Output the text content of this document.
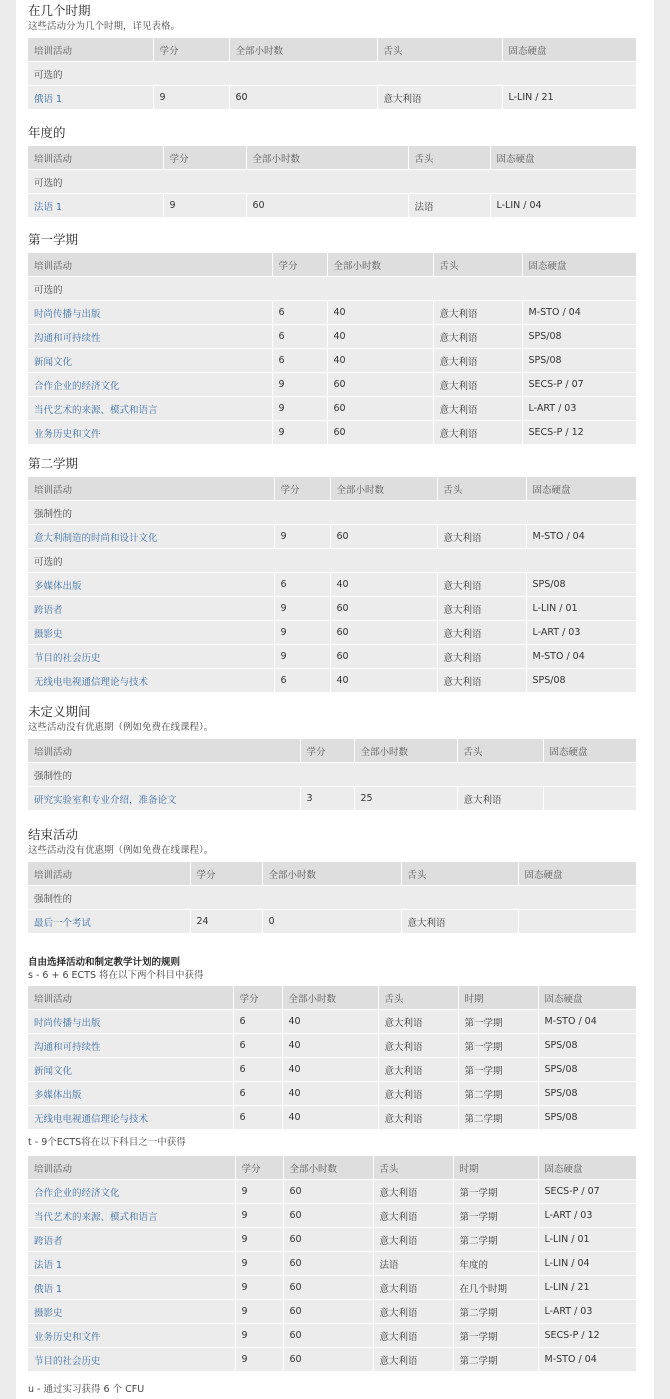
在几个时期
这些活动分为几个时期，详见表格。
培训活动	学分	全部小时数	舌头	固态硬盘
可选的				
俄语 1	9	60	意大利语	L-LIN / 21
年度的
培训活动	学分	全部小时数	舌头	固态硬盘
可选的				
法语 1	9	60	法语	L-LIN / 04
第一学期
培训活动	学分	全部小时数	舌头	固态硬盘
可选的				
时尚传播与出版	6	40	意大利语	M-STO / 04
沟通和可持续性	6	40	意大利语	SPS/08
新闻文化	6	40	意大利语	SPS/08
合作企业的经济文化	9	60	意大利语	SECS-P / 07
当代艺术的来源、模式和语言	9	60	意大利语	L-ART / 03
业务历史和文件	9	60	意大利语	SECS-P / 12
第二学期
培训活动	学分	全部小时数	舌头	固态硬盘
强制性的				
意大利制造的时尚和设计文化	9	60	意大利语	M-STO / 04
可选的				
多媒体出版	6	40	意大利语	SPS/08
跨语者	9	60	意大利语	L-LIN / 01
摄影史	9	60	意大利语	L-ART / 03
节目的社会历史	9	60	意大利语	M-STO / 04
无线电电视通信理论与技术	6	40	意大利语	SPS/08
未定义期间
这些活动没有优惠期（例如免费在线课程）。
培训活动	学分	全部小时数	舌头	固态硬盘
强制性的				
研究实验室和专业介绍，准备论文	3	25	意大利语	
结束活动
这些活动没有优惠期（例如免费在线课程）。
培训活动	学分	全部小时数	舌头	固态硬盘
强制性的				
最后一个考试	24	0	意大利语	
自由选择活动和制定教学计划的规则
s - 6 + 6 ECTS 将在以下两个科目中获得
培训活动	学分	全部小时数	舌头	时期	固态硬盘
时尚传播与出版	6	40	意大利语	第一学期	M-STO / 04
沟通和可持续性	6	40	意大利语	第一学期	SPS/08
新闻文化	6	40	意大利语	第一学期	SPS/08
多媒体出版	6	40	意大利语	第二学期	SPS/08
无线电电视通信理论与技术	6	40	意大利语	第二学期	SPS/08
t - 9个ECTS将在以下科目之一中获得
培训活动	学分	全部小时数	舌头	时期	固态硬盘
合作企业的经济文化	9	60	意大利语	第一学期	SECS-P / 07
当代艺术的来源、模式和语言	9	60	意大利语	第一学期	L-ART / 03
跨语者	9	60	意大利语	第二学期	L-LIN / 01
法语 1	9	60	法语	年度的	L-LIN / 04
俄语 1	9	60	意大利语	在几个时期	L-LIN / 21
摄影史	9	60	意大利语	第二学期	L-ART / 03
业务历史和文件	9	60	意大利语	第一学期	SECS-P / 12
节目的社会历史	9	60	意大利语	第二学期	M-STO / 04
u - 通过实习获得 6 个 CFU
